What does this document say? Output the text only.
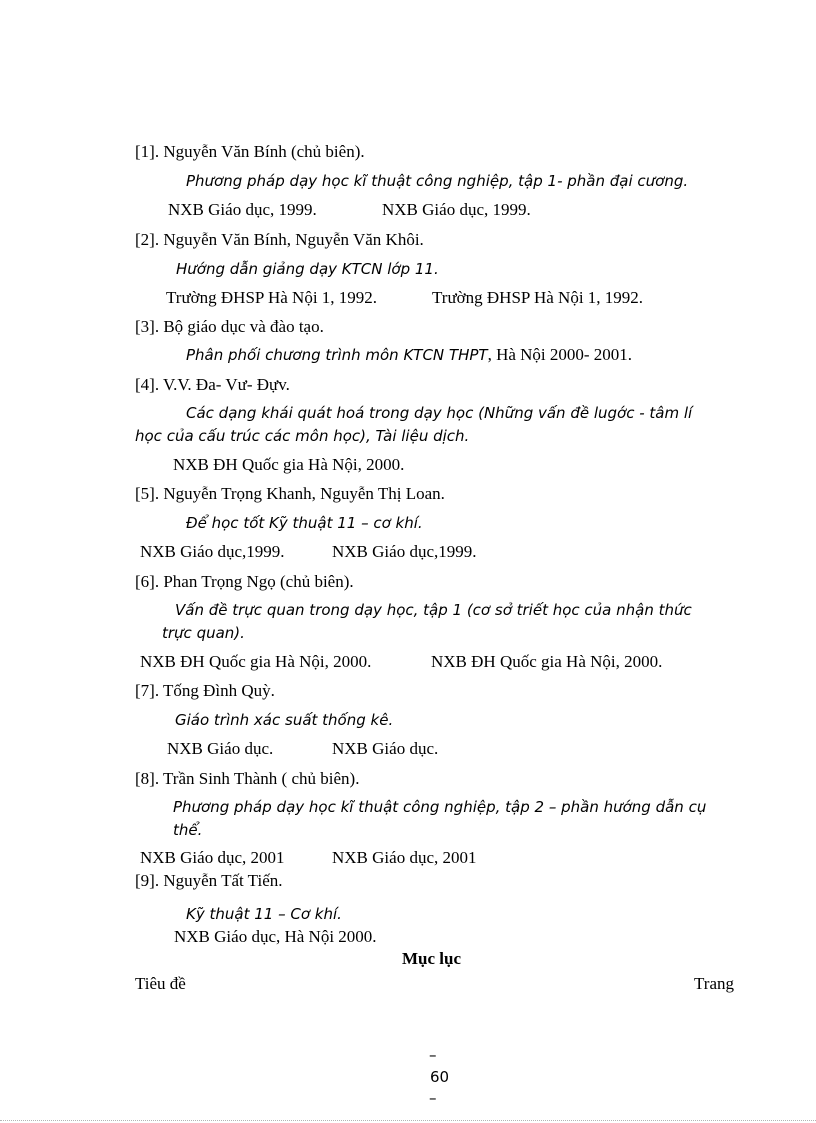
[1]. Nguyễn Văn Bính (chủ biên).
Phương pháp dạy học kĩ thuật công nghiệp, tập 1- phần đại cương.
NXB Giáo dục, 1999.	NXB Giáo dục, 1999.
[2]. Nguyễn Văn Bính, Nguyễn Văn Khôi.
Hướng dẫn giảng dạy KTCN lớp 11.
Trường ĐHSP Hà Nội 1, 1992.	Trường ĐHSP Hà Nội 1, 1992.
[3]. Bộ giáo dục và đào tạo.
Phân phối chương trình môn KTCN THPT, Hà Nội 2000- 2001.
[4]. V.V. Đa- Vư- Đựv.
Các dạng khái quát hoá trong dạy học (Những vấn đề lugớc - tâm lí
học của cấu trúc các môn học), Tài liệu dịch.
NXB ĐH Quốc gia Hà Nội, 2000.
[5]. Nguyễn Trọng Khanh, Nguyễn Thị Loan.
Để học tốt Kỹ thuật 11 – cơ khí.
NXB Giáo dục,1999.	NXB Giáo dục,1999.
[6]. Phan Trọng Ngọ (chủ biên).
Vấn đề trực quan trong dạy học, tập 1 (cơ sở triết học của nhận thức
trực quan).
NXB ĐH Quốc gia Hà Nội, 2000.	NXB ĐH Quốc gia Hà Nội, 2000.
[7]. Tống Đình Quỳ.
Giáo trình xác suất thống kê.
NXB Giáo dục.	NXB Giáo dục.
[8]. Trần Sinh Thành ( chủ biên).
Phương pháp dạy học kĩ thuật công nghiệp, tập 2 – phần hướng dẫn cụ
thể.
NXB Giáo dục, 2001	NXB Giáo dục, 2001
[9]. Nguyễn Tất Tiến.
Kỹ thuật 11 – Cơ khí.
NXB Giáo dục, Hà Nội 2000.
Mục lục
Tiêu đề	Trang
–
60
–
